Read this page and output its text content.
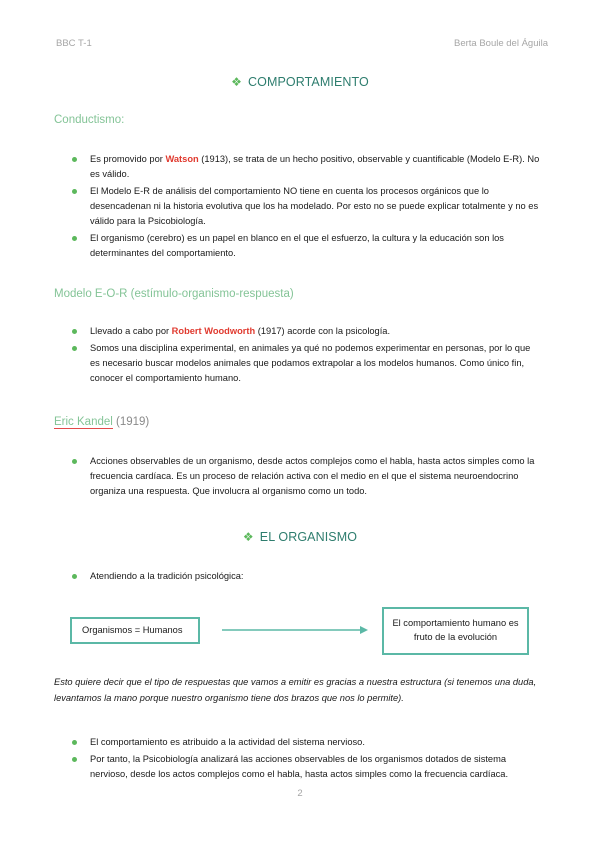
BBC T-1	Berta Boule del Águila
❖ COMPORTAMIENTO
Conductismo:
Es promovido por Watson (1913), se trata de un hecho positivo, observable y cuantificable (Modelo E-R). No es válido.
El Modelo E-R de análisis del comportamiento NO tiene en cuenta los procesos orgánicos que lo desencadenan ni la historia evolutiva que los ha modelado. Por esto no se puede explicar totalmente y no es válido para la Psicobiología.
El organismo (cerebro) es un papel en blanco en el que el esfuerzo, la cultura y la educación son los determinantes del comportamiento.
Modelo E-O-R (estímulo-organismo-respuesta)
Llevado a cabo por Robert Woodworth (1917) acorde con la psicología.
Somos una disciplina experimental, en animales ya qué no podemos experimentar en personas, por lo que es necesario buscar modelos animales que podamos extrapolar a los modelos humanos. Como único fin, conocer el comportamiento humano.
Eric Kandel (1919)
Acciones observables de un organismo, desde actos complejos como el habla, hasta actos simples como la frecuencia cardíaca. Es un proceso de relación activa con el medio en el que el sistema neuroendocrino organiza una respuesta. Que involucra al organismo como un todo.
❖ EL ORGANISMO
Atendiendo a la tradición psicológica:
Organismos = Humanos
El comportamiento humano es fruto de la evolución
Esto quiere decir que el tipo de respuestas que vamos a emitir es gracias a nuestra estructura (si tenemos una duda, levantamos la mano porque nuestro organismo tiene dos brazos que nos lo permite).
El comportamiento es atribuido a la actividad del sistema nervioso.
Por tanto, la Psicobiología analizará las acciones observables de los organismos dotados de sistema nervioso, desde los actos complejos como el habla, hasta actos simples como la frecuencia cardíaca.
2
